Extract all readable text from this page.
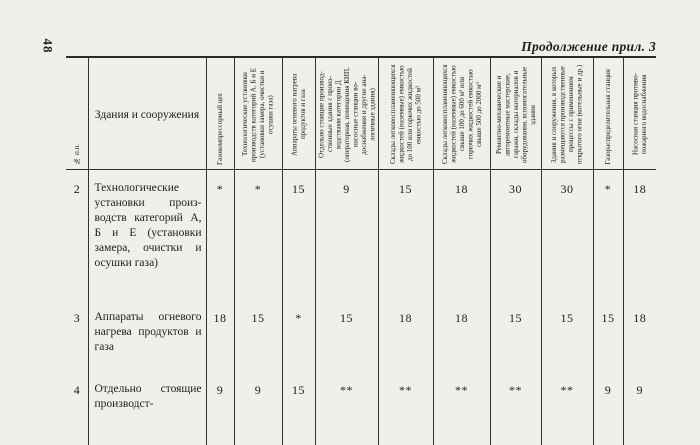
48	Продолжение прил. 3
№ п.п.	Здания и сооружения	Газокомпрессорный цех	Технологические установки производств категорий А, Б и Е (установки замера, очистки и осушки газа)	Аппараты огневого нагрева продуктов и газа	Отдельно стоящие производственные здания с производствами категории Д (операторная, помещения КИП, насосные станции водоснабжения и другие аналогичные здания)	Склады легковоспламеняющихся жидкостей (наземные) емкостью до 100 или горючих жидкостей емкостью до 500 м³	Склады легковоспламеняющихся жидкостей (наземные) емкостью свыше 100 до 600 м³ или горючих жидкостей емкостью свыше 500 до 2000 м³	Ремонтно-механические и авторемонтные мастерские, гаражи, склады материалов и оборудования, вспомогательные здания	Здания и сооружения, в которых размещаются производственные процессы с применением открытого огня (котельные и др.)	Газораспределительная станция	Насосная станция противопожарного водоснабжения

2	Технологические установки производств категорий А, Б и Е (установки замера, очистки и осушки газа)	*	*	15	9	15	18	30	30	*	18
3	Аппараты огневого нагрева продуктов и газа	18	15	*	15	18	18	15	15	15	18
4	Отдельно стоящие производст-	9	9	15	**	**	**	**	**	9	9
